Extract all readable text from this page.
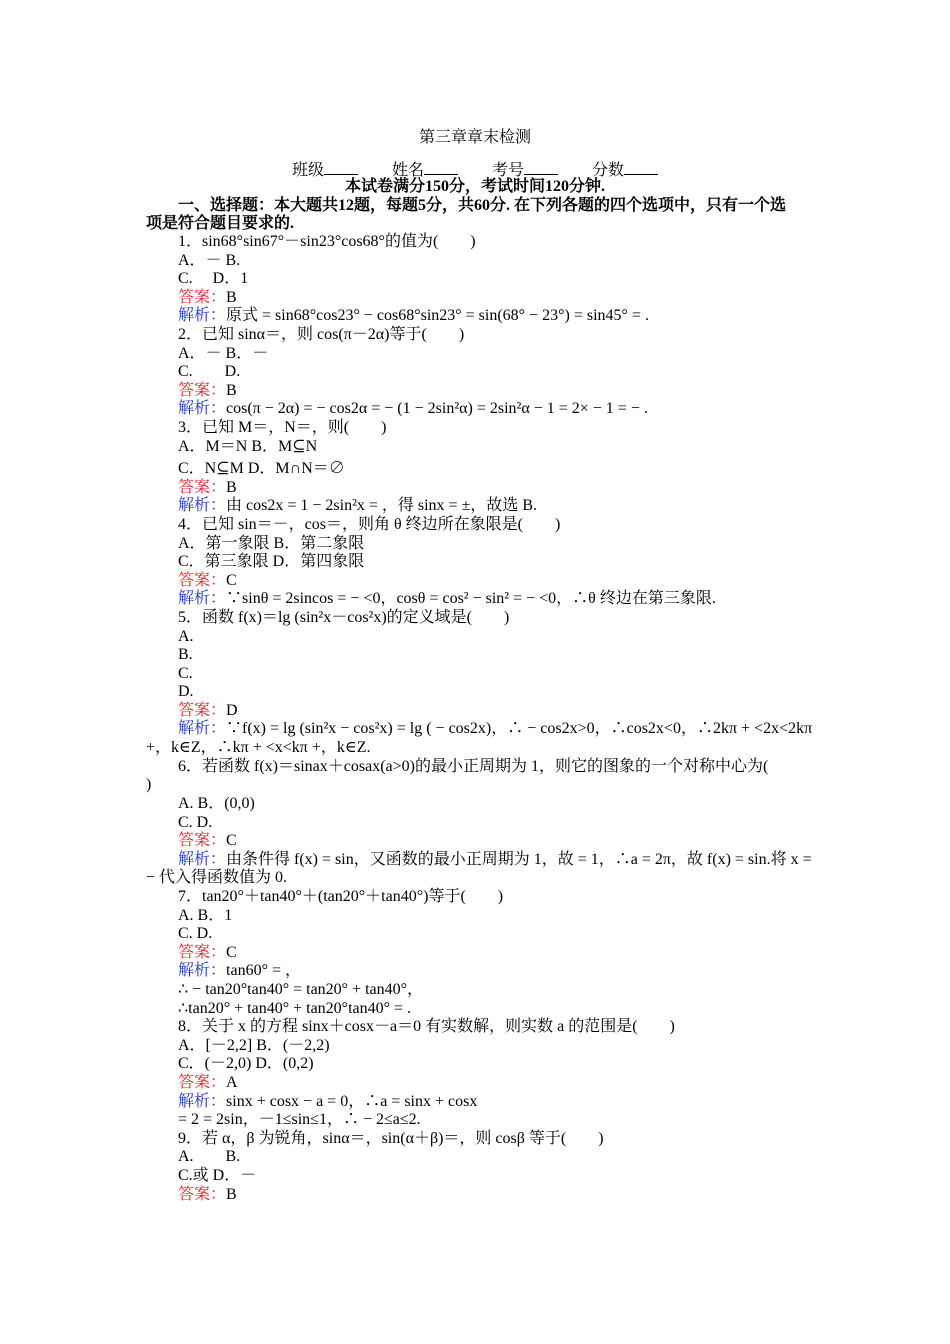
第三章章末检测
班级	姓名	考号	分数
本试卷满分150分，考试时间120分钟.
一、选择题：本大题共12题，每题5分，共60分. 在下列各题的四个选项中，只有一个选
项是符合题目要求的.
1．sin68°sin67°－sin23°cos68°的值为(　　)
A．－ B.
C.　 D．1
答案：B
解析：原式 = sin68°cos23° − cos68°sin23° = sin(68° − 23°) = sin45° = .
2．已知 sinα＝，则 cos(π－2α)等于(　　)
A．－ B．－
C.　　D.
答案：B
解析：cos(π − 2α) = − cos2α = − (1 − 2sin²α) = 2sin²α − 1 = 2× − 1 = − .
3．已知 M＝，N＝，则(　　)
A．M＝N B．M⊆N
C．N⊆M D．M∩N＝∅
答案：B
解析：由 cos2x = 1 − 2sin²x = ，得 sinx = ±，故选 B.
4．已知 sin＝－，cos＝，则角 θ 终边所在象限是(　　)
A．第一象限 B．第二象限
C．第三象限 D．第四象限
答案：C
解析：∵sinθ = 2sincos = − <0，cosθ = cos² − sin² = − <0，∴θ 终边在第三象限.
5．函数 f(x)＝lg (sin²x－cos²x)的定义域是(　　)
A.
B.
C.
D.
答案：D
解析：∵f(x) = lg (sin²x − cos²x) = lg ( − cos2x)，∴ − cos2x>0，∴cos2x<0，∴2kπ + <2x<2kπ
+，k∈Z，∴kπ + <x<kπ +，k∈Z.
6．若函数 f(x)＝sinax＋cosax(a>0)的最小正周期为 1，则它的图象的一个对称中心为(
)
A. B．(0,0)
C. D.
答案：C
解析：由条件得 f(x) = sin，又函数的最小正周期为 1，故 = 1，∴a = 2π，故 f(x) = sin.将 x =
− 代入得函数值为 0.
7．tan20°＋tan40°＋(tan20°＋tan40°)等于(　　)
A. B．1
C. D.
答案：C
解析：tan60° = ，
∴ − tan20°tan40° = tan20° + tan40°，
∴tan20° + tan40° + tan20°tan40° = .
8．关于 x 的方程 sinx＋cosx－a＝0 有实数解，则实数 a 的范围是(　　)
A．[－2,2] B．(－2,2)
C．(－2,0) D．(0,2)
答案：A
解析：sinx + cosx − a = 0，∴a = sinx + cosx
= 2 = 2sin，－1≤sin≤1，∴ − 2≤a≤2.
9．若 α，β 为锐角，sinα＝，sin(α＋β)＝，则 cosβ 等于(　　)
A.　　B.
C.或 D．－
答案：B
